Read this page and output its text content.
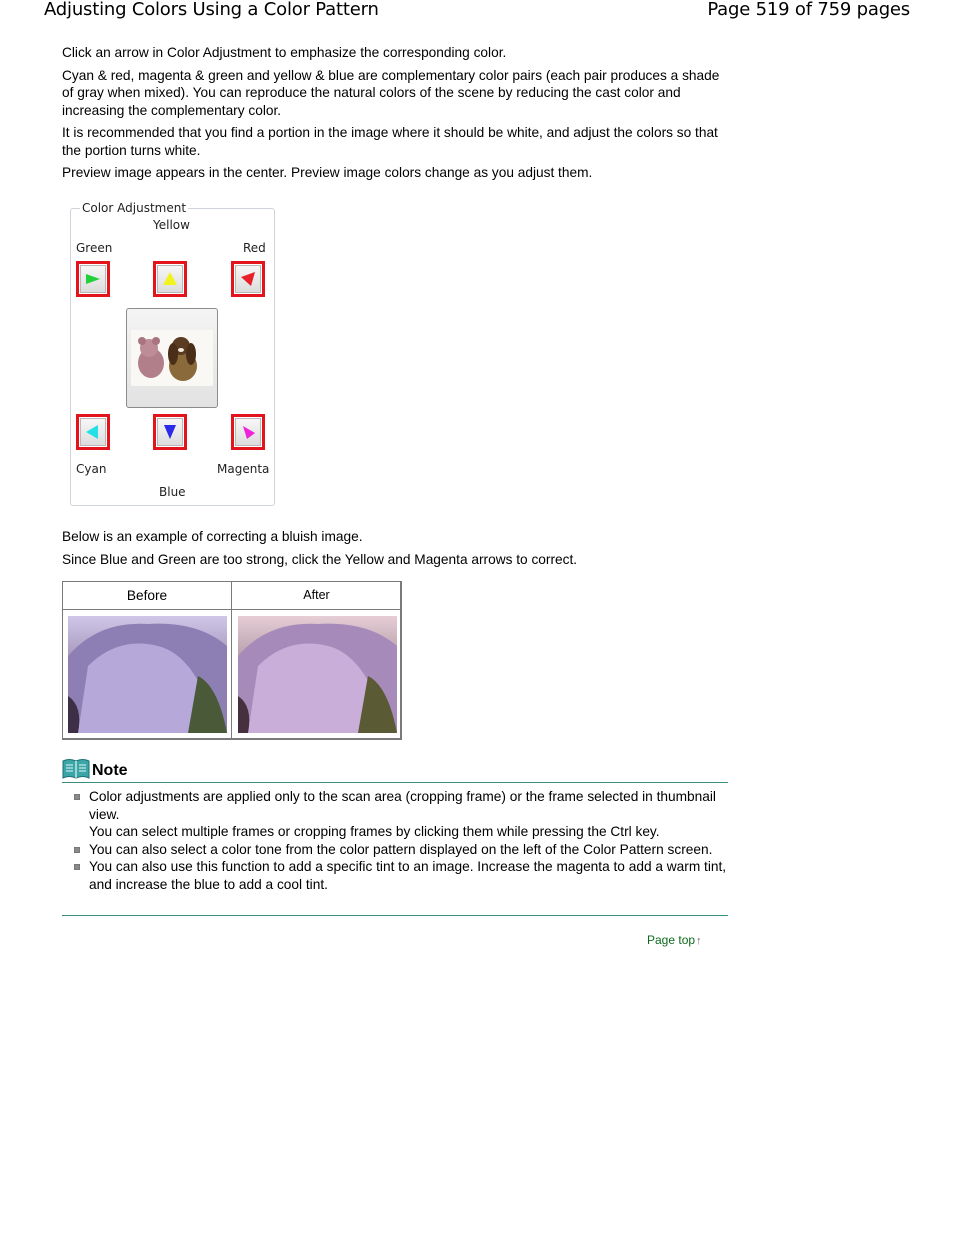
Adjusting Colors Using a Color Pattern	Page 519 of 759 pages

Click an arrow in Color Adjustment to emphasize the corresponding color.

Cyan & red, magenta & green and yellow & blue are complementary color pairs (each pair produces a shade of gray when mixed). You can reproduce the natural colors of the scene by reducing the cast color and increasing the complementary color.

It is recommended that you find a portion in the image where it should be white, and adjust the colors so that the portion turns white.

Preview image appears in the center. Preview image colors change as you adjust them.

Color Adjustment
Yellow
Green	Red
Cyan	Magenta
Blue

Below is an example of correcting a bluish image.

Since Blue and Green are too strong, click the Yellow and Magenta arrows to correct.

Before	After
Note
Color adjustments are applied only to the scan area (cropping frame) or the frame selected in thumbnail view.
You can select multiple frames or cropping frames by clicking them while pressing the Ctrl key.
You can also select a color tone from the color pattern displayed on the left of the Color Pattern screen.
You can also use this function to add a specific tint to an image. Increase the magenta to add a warm tint, and increase the blue to add a cool tint.
Page top↑
